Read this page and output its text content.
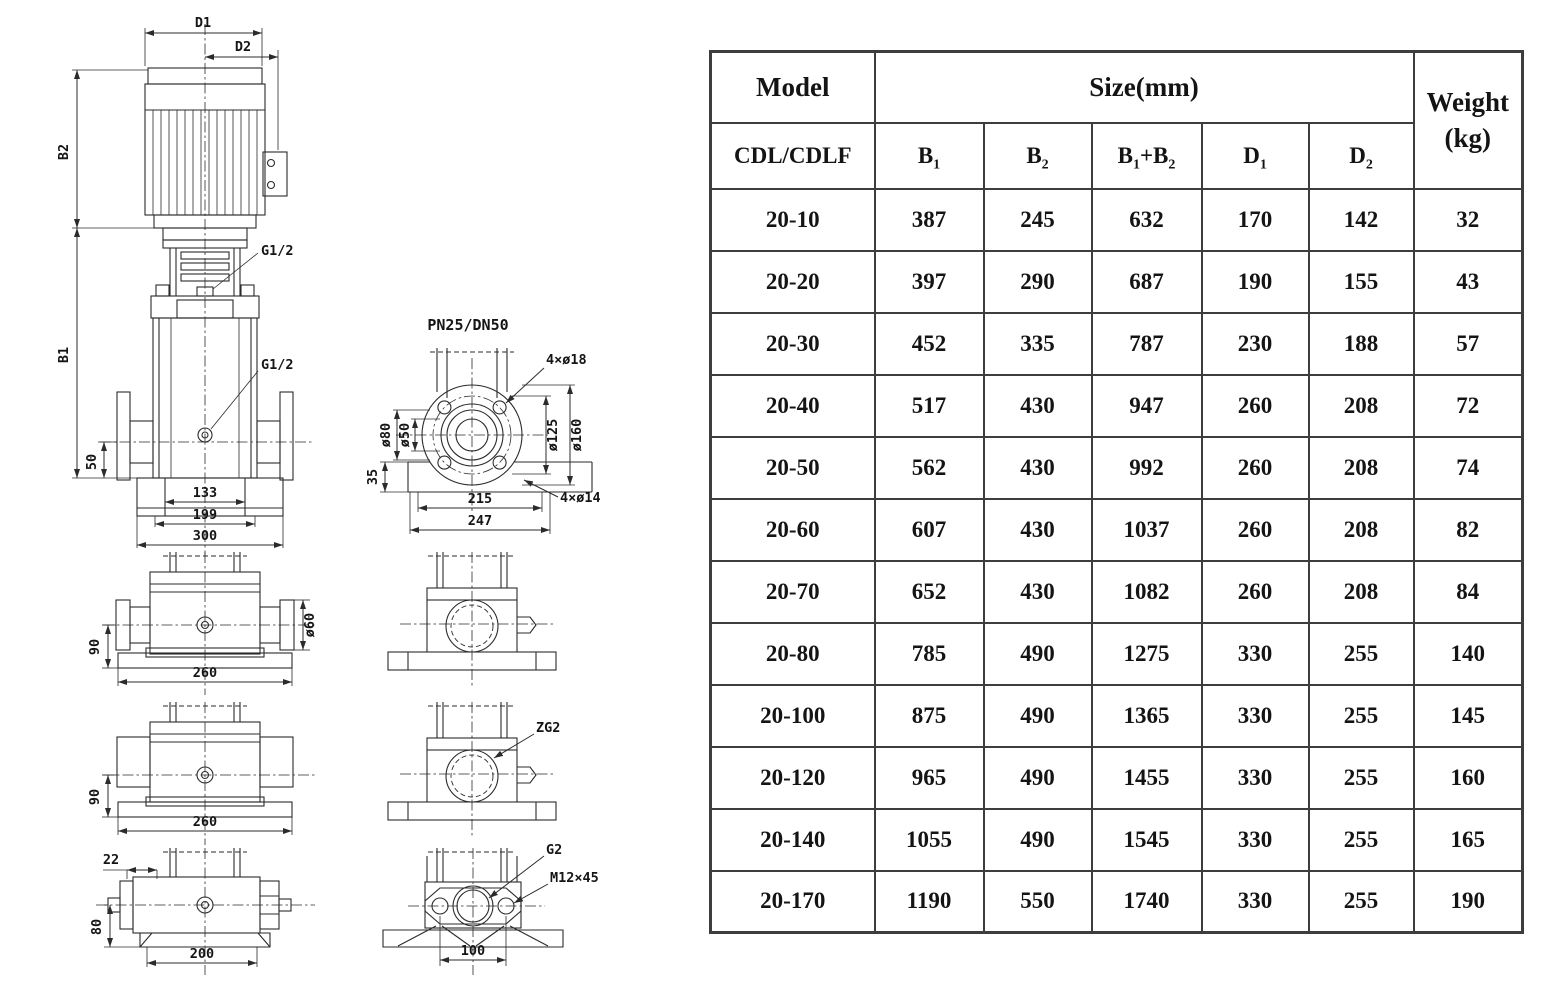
D1
D2
B2
B1
50
G1/2
G1/2
133
199
300
PN25/DN50
4×ø18
ø80 ø50
35
ø125 ø160
4×ø14
215
247
90
ø60
260
90
260
22
80
200
ZG2
G2
M12×45
100
Model	Size(mm)					Weight
(kg)

CDL/CDLF	$B_1$	$B_2$	$B_1+B_2$	$D_1$	$D_2$
20-10	387	245	632	170	142	32
20-20	397	290	687	190	155	43
20-30	452	335	787	230	188	57
20-40	517	430	947	260	208	72
20-50	562	430	992	260	208	74
20-60	607	430	1037	260	208	82
20-70	652	430	1082	260	208	84
20-80	785	490	1275	330	255	140
20-100	875	490	1365	330	255	145
20-120	965	490	1455	330	255	160
20-140	1055	490	1545	330	255	165
20-170	1190	550	1740	330	255	190
